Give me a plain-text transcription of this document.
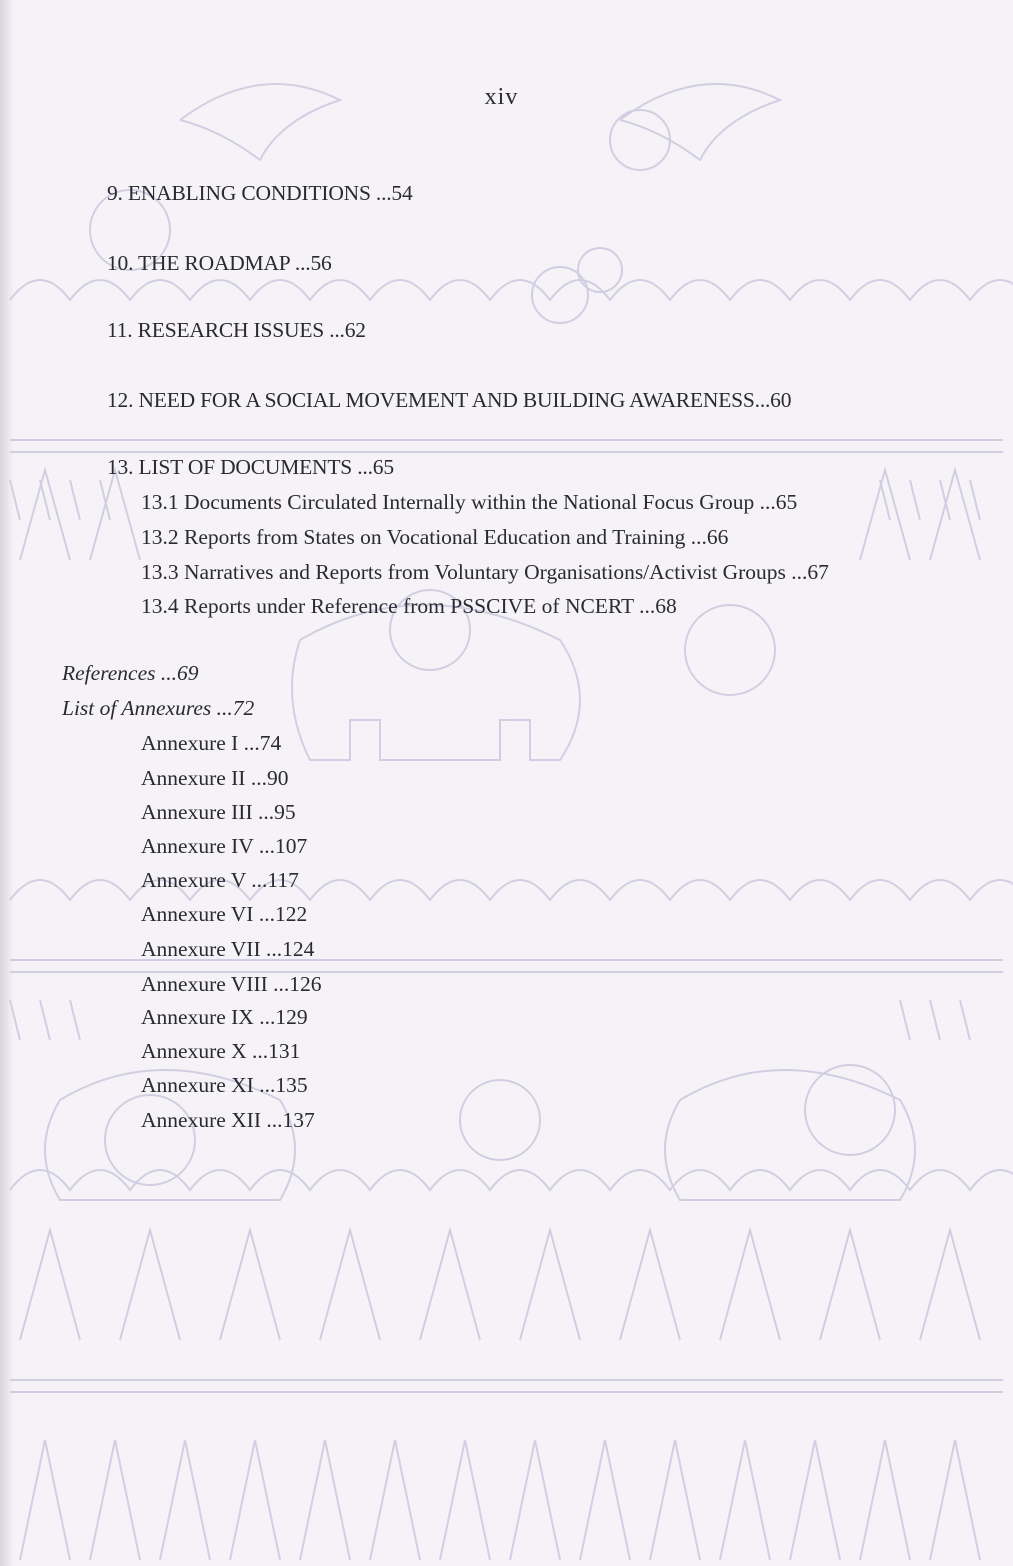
xiv
9. ENABLING CONDITIONS ...54
10. THE ROADMAP ...56
11. RESEARCH ISSUES ...62
12. NEED FOR A SOCIAL MOVEMENT AND BUILDING AWARENESS...60
13. LIST OF DOCUMENTS ...65
13.1 Documents Circulated Internally within the National Focus Group ...65
13.2 Reports from States on Vocational Education and Training ...66
13.3 Narratives and Reports from Voluntary Organisations/Activist Groups ...67
13.4 Reports under Reference from PSSCIVE of NCERT ...68
References ...69
List of Annexures ...72
Annexure I ...74
Annexure II ...90
Annexure III ...95
Annexure IV ...107
Annexure V ...117
Annexure VI ...122
Annexure VII ...124
Annexure VIII ...126
Annexure IX ...129
Annexure X ...131
Annexure XI ...135
Annexure XII ...137
